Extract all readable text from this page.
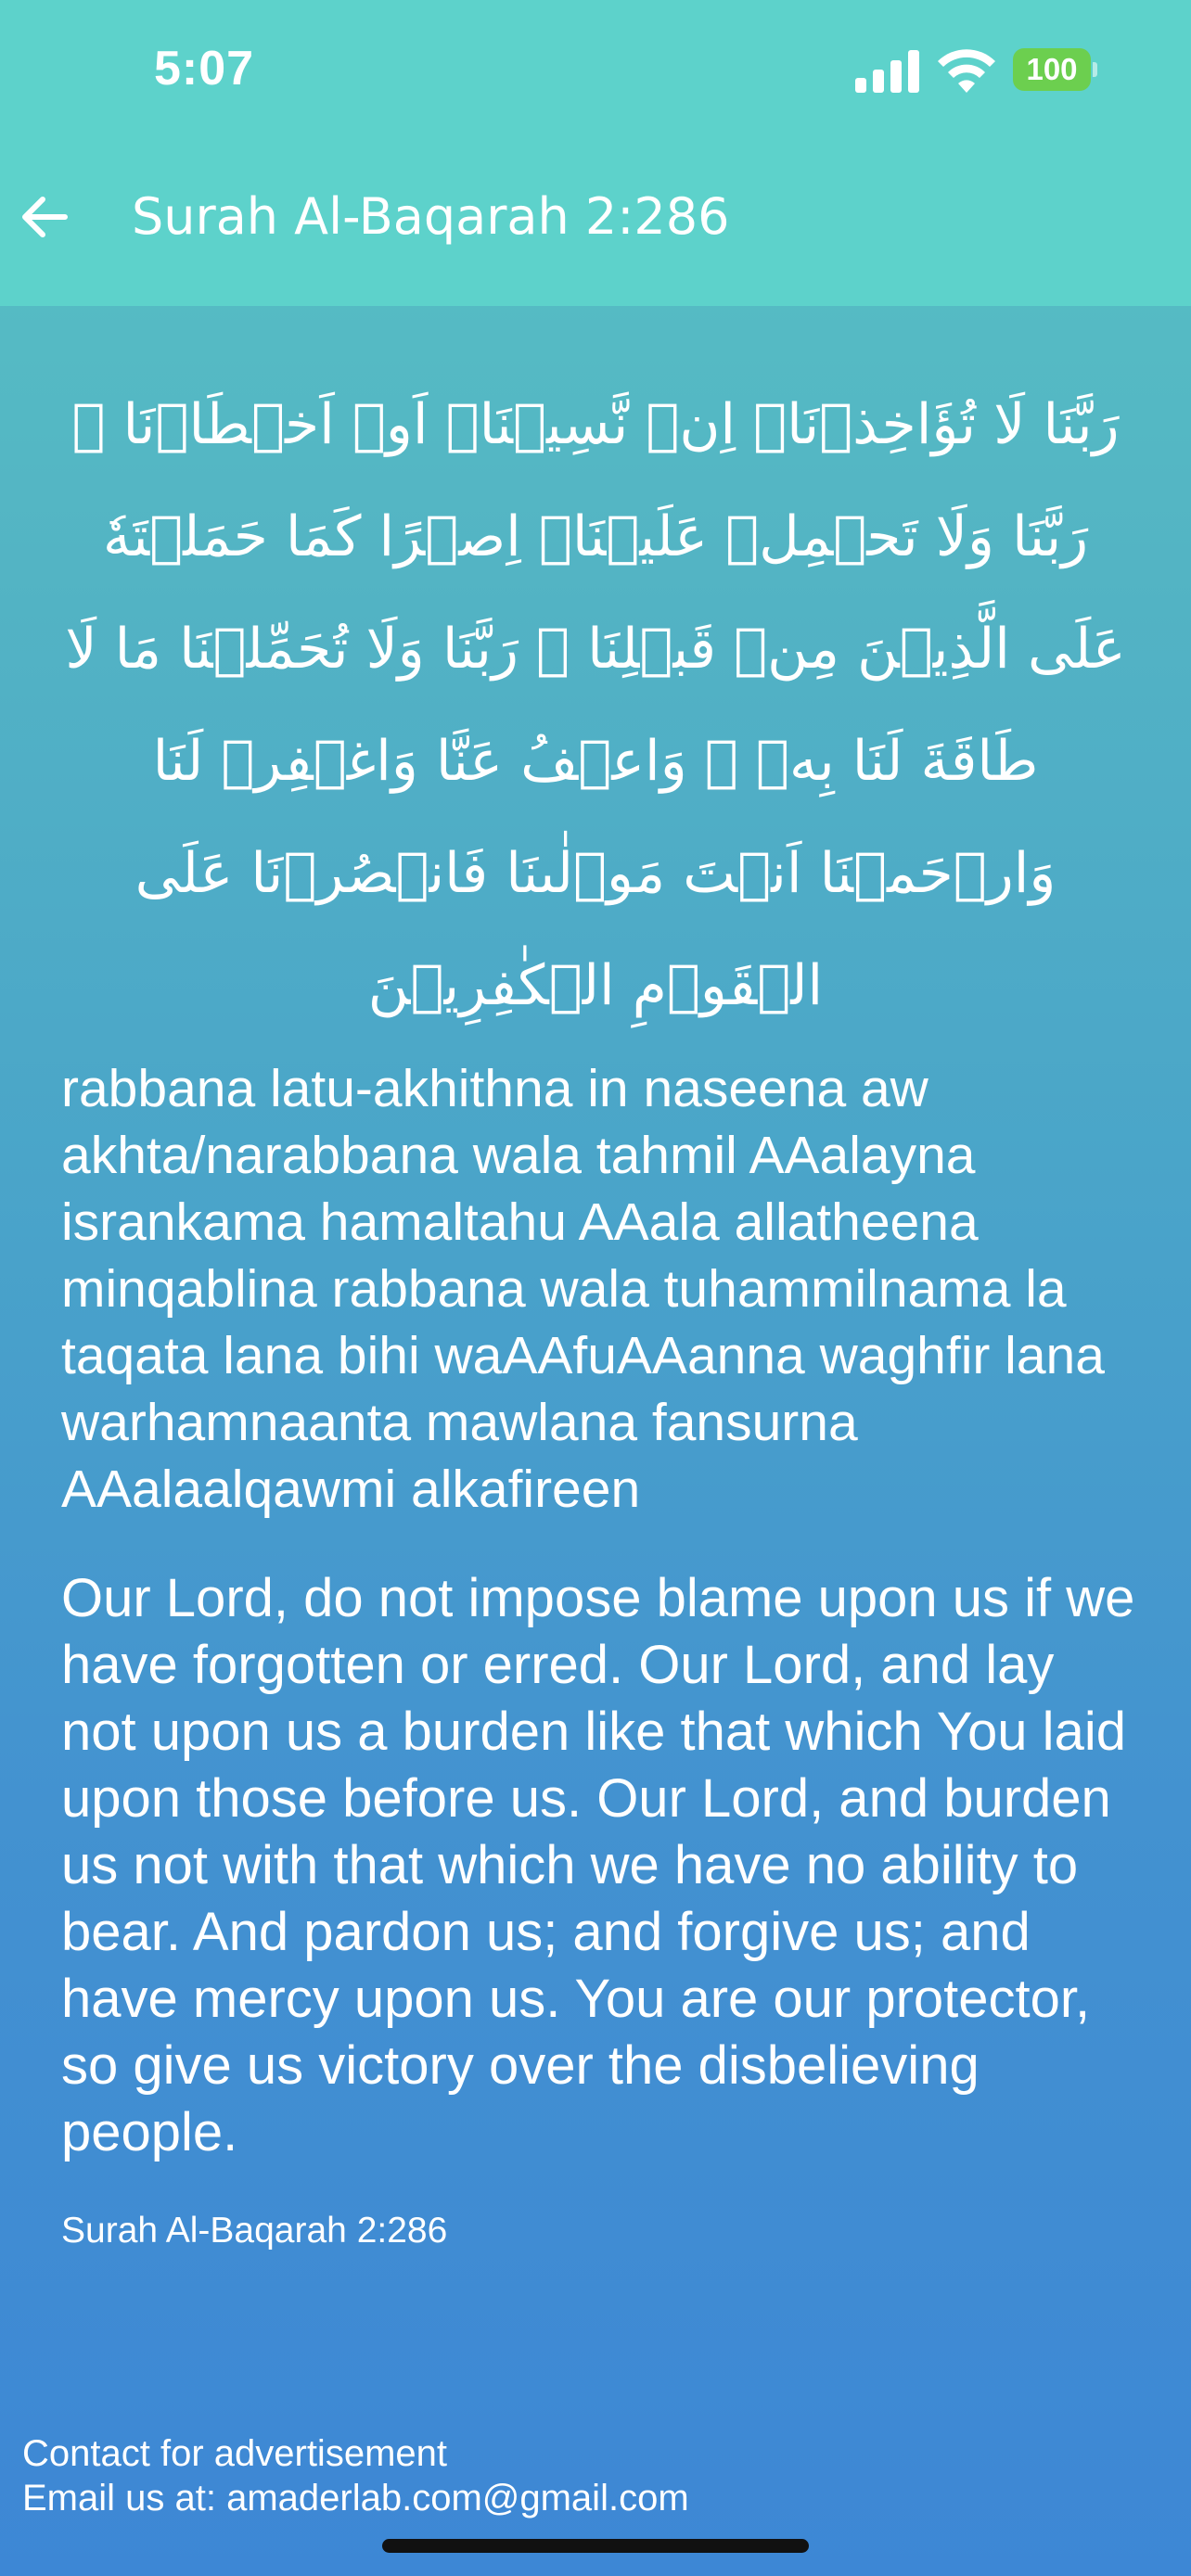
5:07	100
Surah Al-Baqarah 2:286
رَبَّنَا لَا تُؤَاخِذۡنَاۤ اِنۡ نَّسِيۡنَاۤ اَوۡ اَخۡطَاۡنَا ۚ رَبَّنَا وَلَا تَحۡمِلۡ عَلَيۡنَاۤ اِصۡرًا كَمَا حَمَلۡتَهٗ عَلَى الَّذِيۡنَ مِنۡ قَبۡلِنَا ۚ رَبَّنَا وَلَا تُحَمِّلۡنَا مَا لَا طَاقَةَ لَنَا بِهٖ ۚ وَاعۡفُ عَنَّا وَاغۡفِرۡ لَنَا وَارۡحَمۡنَا اَنۡتَ مَوۡلٰٮنَا فَانۡصُرۡنَا عَلَى الۡقَوۡمِ الۡكٰفِرِيۡنَ
rabbana latu-akhithna in naseena aw akhta/narabbana wala tahmil AAalayna isrankama hamaltahu AAala allatheena minqablina rabbana wala tuhammilnama la taqata lana bihi waAAfuAAanna waghfir lana warhamnaanta mawlana fansurna AAalaalqawmi alkafireen
Our Lord, do not impose blame upon us if we have forgotten or erred. Our Lord, and lay not upon us a burden like that which You laid upon those before us. Our Lord, and burden us not with that which we have no ability to bear. And pardon us; and forgive us; and have mercy upon us. You are our protector, so give us victory over the disbelieving people.
Surah Al-Baqarah 2:286
Contact for advertisement
Email us at: amaderlab.com@gmail.com
